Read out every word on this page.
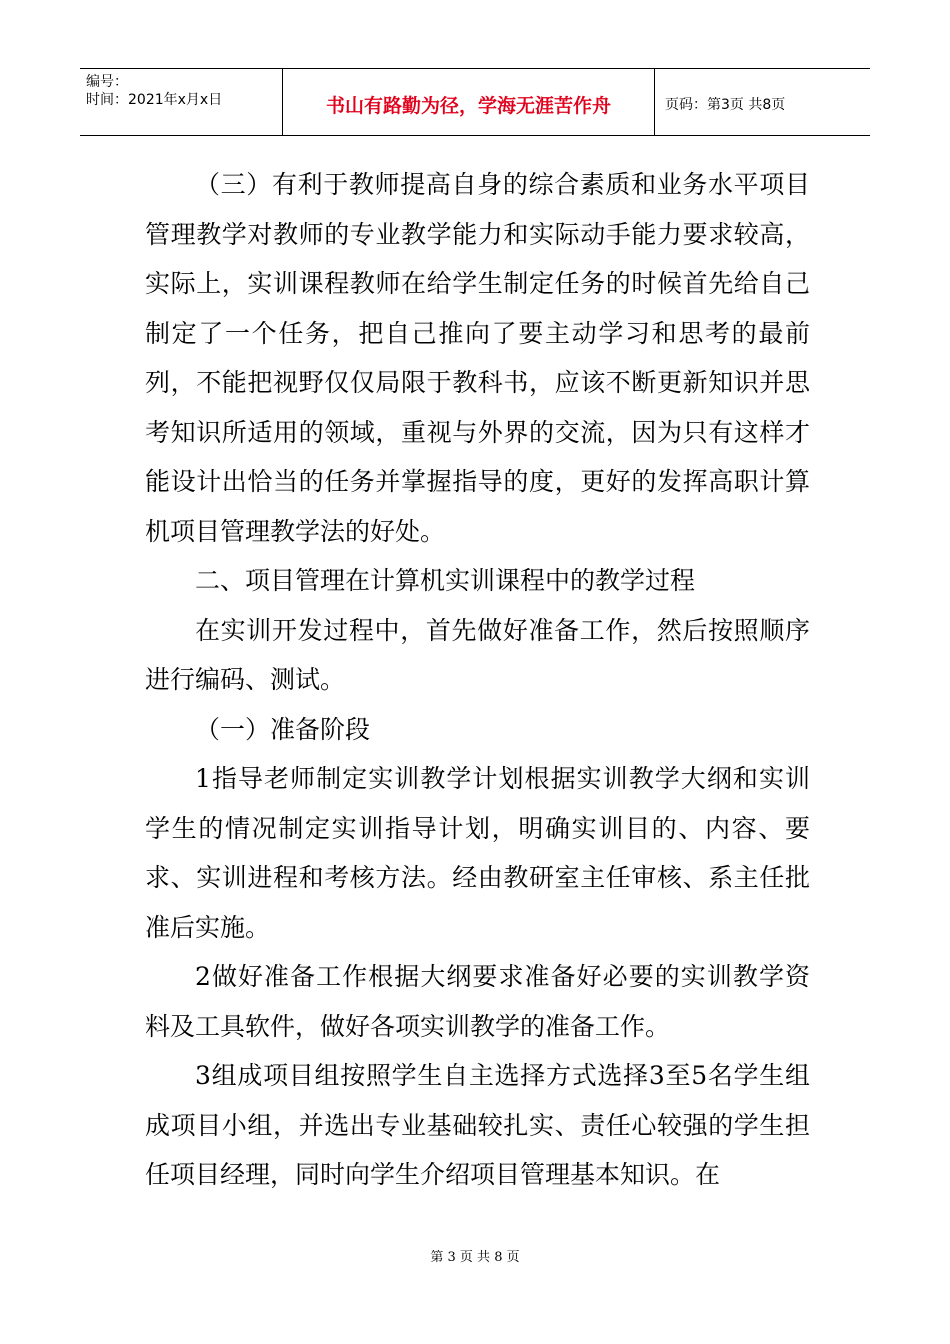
编号：
时间：2021年x月x日	书山有路勤为径，学海无涯苦作舟	页码：第3页 共8页

（三）有利于教师提高自身的综合素质和业务水平项目管理教学对教师的专业教学能力和实际动手能力要求较高，实际上，实训课程教师在给学生制定任务的时候首先给自己制定了一个任务，把自己推向了要主动学习和思考的最前列，不能把视野仅仅局限于教科书，应该不断更新知识并思考知识所适用的领域，重视与外界的交流，因为只有这样才能设计出恰当的任务并掌握指导的度，更好的发挥高职计算机项目管理教学法的好处。

二、项目管理在计算机实训课程中的教学过程

在实训开发过程中，首先做好准备工作，然后按照顺序进行编码、测试。

（一）准备阶段

1指导老师制定实训教学计划根据实训教学大纲和实训学生的情况制定实训指导计划，明确实训目的、内容、要求、实训进程和考核方法。经由教研室主任审核、系主任批准后实施。

2做好准备工作根据大纲要求准备好必要的实训教学资料及工具软件，做好各项实训教学的准备工作。

3组成项目组按照学生自主选择方式选择3至5名学生组成项目小组，并选出专业基础较扎实、责任心较强的学生担任项目经理，同时向学生介绍项目管理基本知识。在

第 3 页 共 8 页
